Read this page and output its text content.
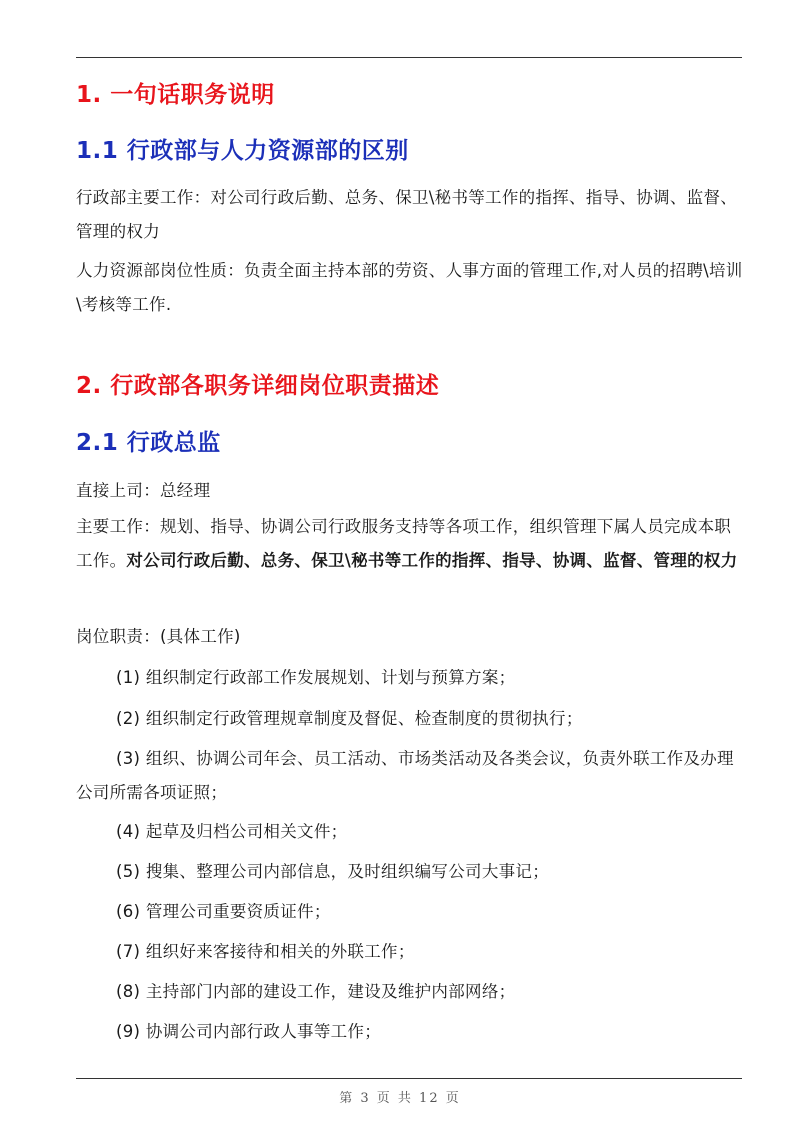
1. 一句话职务说明
1.1 行政部与人力资源部的区别

行政部主要工作：对公司行政后勤、总务、保卫\秘书等工作的指挥、指导、协调、监督、管理的权力

人力资源部岗位性质：负责全面主持本部的劳资、人事方面的管理工作,对人员的招聘\培训\考核等工作.

2. 行政部各职务详细岗位职责描述
2.1 行政总监

直接上司：总经理

主要工作：规划、指导、协调公司行政服务支持等各项工作，组织管理下属人员完成本职工作。对公司行政后勤、总务、保卫\秘书等工作的指挥、指导、协调、监督、管理的权力

岗位职责：(具体工作)

(1) 组织制定行政部工作发展规划、计划与预算方案；

(2) 组织制定行政管理规章制度及督促、检查制度的贯彻执行；

(3) 组织、协调公司年会、员工活动、市场类活动及各类会议，负责外联工作及办理公司所需各项证照；

(4) 起草及归档公司相关文件；

(5) 搜集、整理公司内部信息，及时组织编写公司大事记；

(6) 管理公司重要资质证件；

(7) 组织好来客接待和相关的外联工作；

(8) 主持部门内部的建设工作，建设及维护内部网络；

(9) 协调公司内部行政人事等工作；

第 3 页 共 12 页
